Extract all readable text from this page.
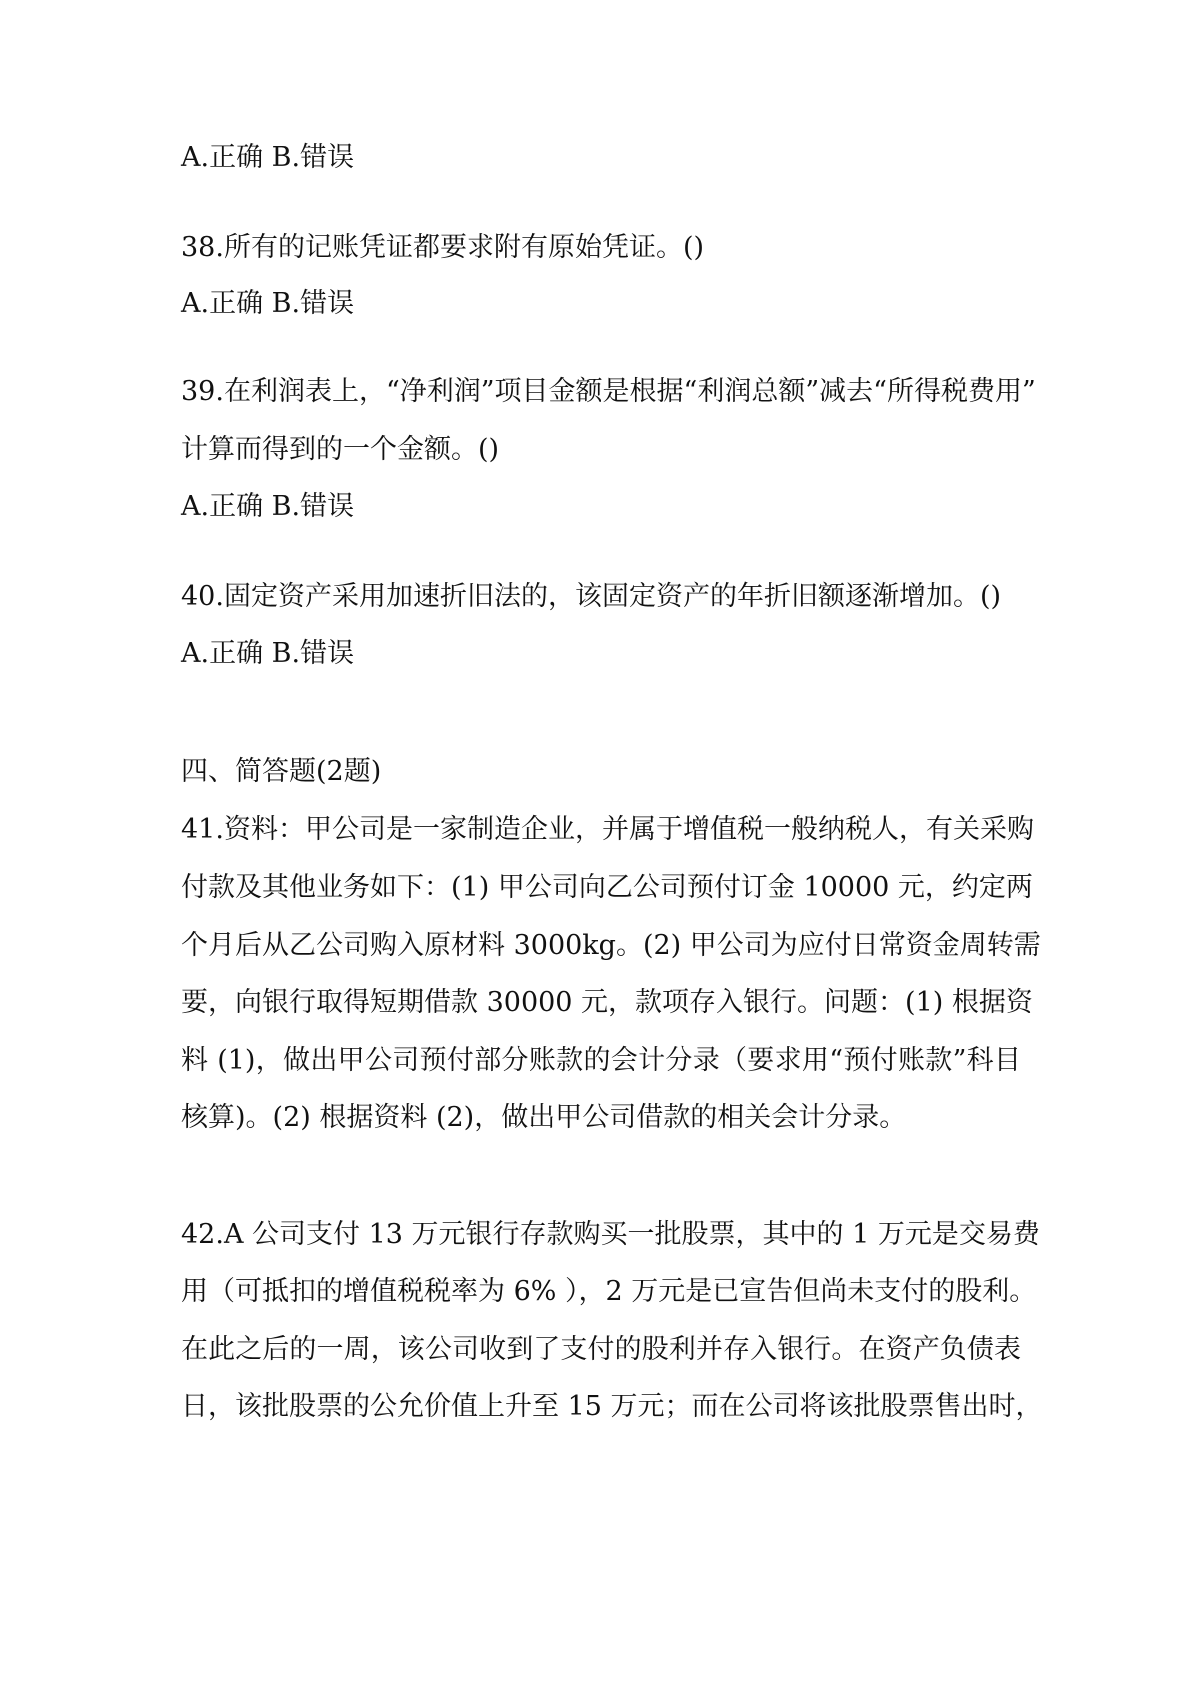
A.正确 B.错误
38.所有的记账凭证都要求附有原始凭证。()
A.正确 B.错误
39.在利润表上，“净利润”项目金额是根据“利润总额”减去“所得税费用”
计算而得到的一个金额。()
A.正确 B.错误
40.固定资产采用加速折旧法的，该固定资产的年折旧额逐渐增加。()
A.正确 B.错误
四、简答题(2题)
41.资料：甲公司是一家制造企业，并属于增值税一般纳税人，有关采购
付款及其他业务如下：(1) 甲公司向乙公司预付订金 10000 元，约定两
个月后从乙公司购入原材料 3000kg。(2) 甲公司为应付日常资金周转需
要，向银行取得短期借款 30000 元，款项存入银行。问题：(1) 根据资
料 (1)，做出甲公司预付部分账款的会计分录（要求用“预付账款”科目
核算)。(2) 根据资料 (2)，做出甲公司借款的相关会计分录。
42.A 公司支付 13 万元银行存款购买一批股票，其中的 1 万元是交易费
用（可抵扣的增值税税率为 6% ），2 万元是已宣告但尚未支付的股利。
在此之后的一周，该公司收到了支付的股利并存入银行。在资产负债表
日，该批股票的公允价值上升至 15 万元；而在公司将该批股票售出时，
